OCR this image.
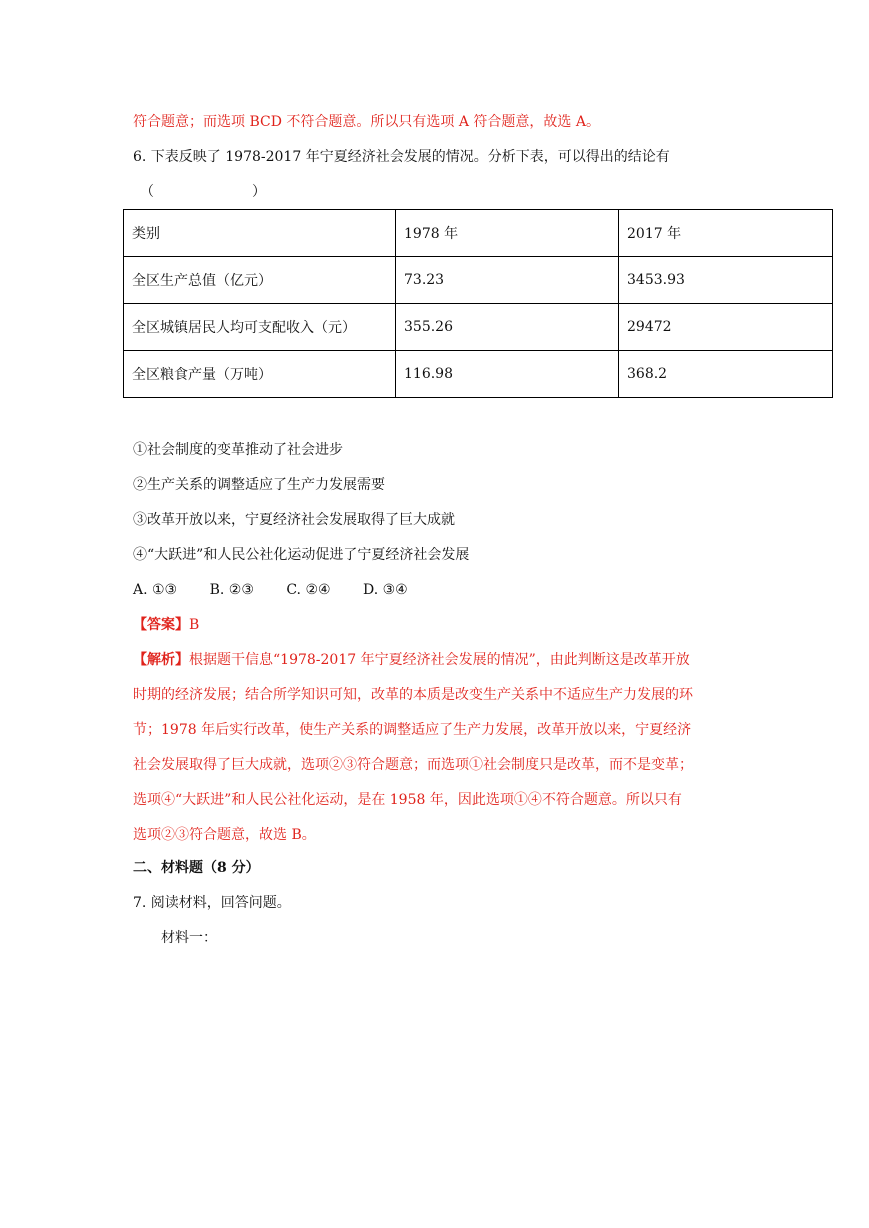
符合题意；而选项 BCD 不符合题意。所以只有选项 A 符合题意，故选 A。
6. 下表反映了 1978-2017 年宁夏经济社会发展的情况。分析下表，可以得出的结论有
（　　　　　　　）
类别	1978 年	2017 年
全区生产总值（亿元）	73.23	3453.93
全区城镇居民人均可支配收入（元）	355.26	29472
全区粮食产量（万吨）	116.98	368.2
①社会制度的变革推动了社会进步
②生产关系的调整适应了生产力发展需要
③改革开放以来，宁夏经济社会发展取得了巨大成就
④“大跃进”和人民公社化运动促进了宁夏经济社会发展
A. ①③ B. ②③ C. ②④ D. ③④
【答案】B
【解析】根据题干信息“1978-2017 年宁夏经济社会发展的情况”，由此判断这是改革开放
时期的经济发展；结合所学知识可知，改革的本质是改变生产关系中不适应生产力发展的环
节；1978 年后实行改革，使生产关系的调整适应了生产力发展，改革开放以来，宁夏经济
社会发展取得了巨大成就，选项②③符合题意；而选项①社会制度只是改革，而不是变革；
选项④“大跃进”和人民公社化运动，是在 1958 年，因此选项①④不符合题意。所以只有
选项②③符合题意，故选 B。
二、材料题（8 分）
7. 阅读材料，回答问题。
材料一：
